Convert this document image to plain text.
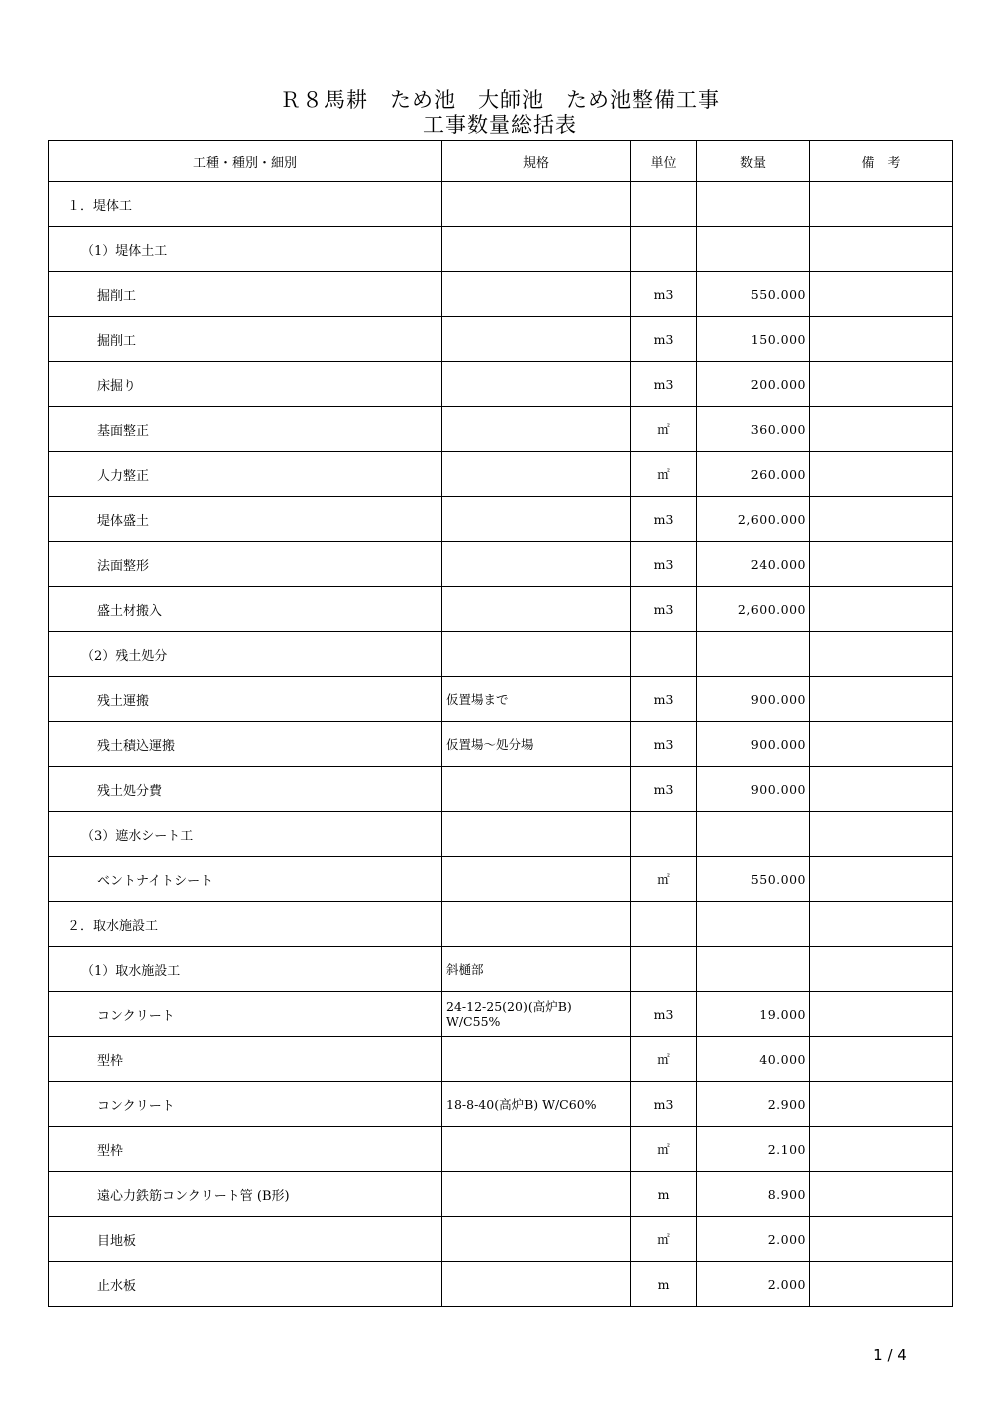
Ｒ８馬耕　ため池　大師池　ため池整備工事
工事数量総括表
工種・種別・細別	規格	単位	数量	備　考
１．堤体工				
（1）堤体土工				
掘削工		m3	550.000	
掘削工		m3	150.000	
床掘り		m3	200.000	
基面整正		㎡	360.000	
人力整正		㎡	260.000	
堤体盛土		m3	2,600.000	
法面整形		m3	240.000	
盛土材搬入		m3	2,600.000	
（2）残土処分				
残土運搬	仮置場まで	m3	900.000	
残土積込運搬	仮置場～処分場	m3	900.000	
残土処分費		m3	900.000	
（3）遮水シート工				
ベントナイトシート		㎡	550.000	
２．取水施設工				
（1）取水施設工	斜樋部			
コンクリート	24-12-25(20)(高炉B) W/C55%	m3	19.000	
型枠		㎡	40.000	
コンクリート	18-8-40(高炉B) W/C60%	m3	2.900	
型枠		㎡	2.100	
遠心力鉄筋コンクリート管 (B形)		m	8.900	
目地板		㎡	2.000	
止水板		m	2.000	
1 / 4
